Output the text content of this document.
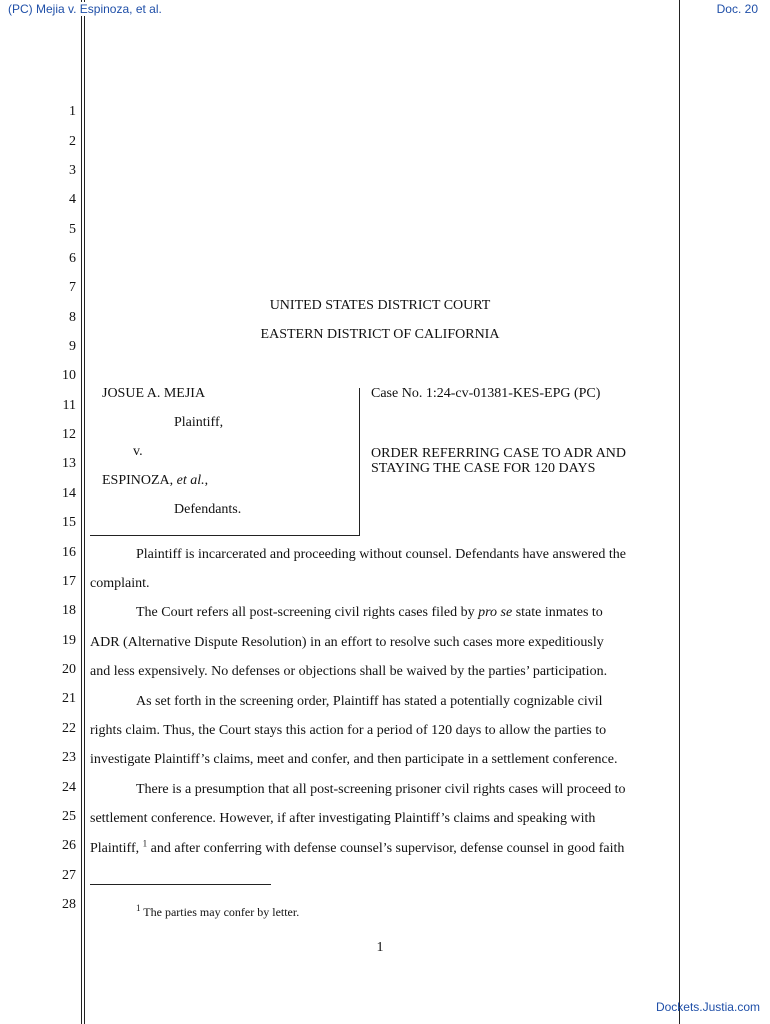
(PC) Mejia v. Espinoza, et al.	Doc. 20
Dockets.Justia.com
1
2
3
4
5
6
7
8
9
10
11
12
13
14
15
16
17
18
19
20
21
22
23
24
25
26
27
28
UNITED STATES DISTRICT COURT
EASTERN DISTRICT OF CALIFORNIA
JOSUE A. MEJIA
Plaintiff,
v.
ESPINOZA, et al.,
Defendants.
Case No. 1:24-cv-01381-KES-EPG (PC)
ORDER REFERRING CASE TO ADR AND
STAYING THE CASE FOR 120 DAYS
Plaintiff is incarcerated and proceeding without counsel. Defendants have answered the
complaint.
The Court refers all post-screening civil rights cases filed by pro se state inmates to
ADR (Alternative Dispute Resolution) in an effort to resolve such cases more expeditiously
and less expensively. No defenses or objections shall be waived by the parties’ participation.
As set forth in the screening order, Plaintiff has stated a potentially cognizable civil
rights claim. Thus, the Court stays this action for a period of 120 days to allow the parties to
investigate Plaintiff’s claims, meet and confer, and then participate in a settlement conference.
There is a presumption that all post-screening prisoner civil rights cases will proceed to
settlement conference. However, if after investigating Plaintiff’s claims and speaking with
Plaintiff, $^1$ and after conferring with defense counsel’s supervisor, defense counsel in good faith
$^1$ The parties may confer by letter.
1
